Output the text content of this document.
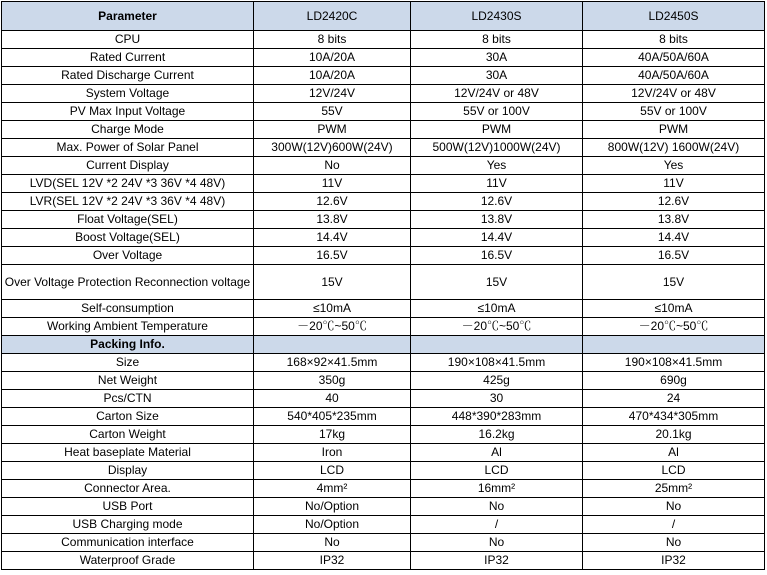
Parameter	LD2420C	LD2430S	LD2450S
CPU	8 bits	8 bits	8 bits
Rated Current	10A/20A	30A	40A/50A/60A
Rated Discharge Current	10A/20A	30A	40A/50A/60A
System Voltage	12V/24V	12V/24V or 48V	12V/24V or 48V
PV Max Input Voltage	55V	55V or 100V	55V or 100V
Charge Mode	PWM	PWM	PWM
Max. Power of Solar Panel	300W(12V)600W(24V)	500W(12V)1000W(24V)	800W(12V) 1600W(24V)
Current Display	No	Yes	Yes
LVD(SEL 12V *2 24V *3 36V *4 48V)	11V	11V	11V
LVR(SEL 12V *2 24V *3 36V *4 48V)	12.6V	12.6V	12.6V
Float Voltage(SEL)	13.8V	13.8V	13.8V
Boost Voltage(SEL)	14.4V	14.4V	14.4V
Over Voltage	16.5V	16.5V	16.5V
Over Voltage Protection Reconnection voltage	15V	15V	15V
Self-consumption	≤10mA	≤10mA	≤10mA
Working Ambient Temperature	－20℃~50℃	－20℃~50℃	－20℃~50℃
Packing Info.			
Size	168×92×41.5mm	190×108×41.5mm	190×108×41.5mm
Net Weight	350g	425g	690g
Pcs/CTN	40	30	24
Carton Size	540*405*235mm	448*390*283mm	470*434*305mm
Carton Weight	17kg	16.2kg	20.1kg
Heat baseplate Material	Iron	Al	Al
Display	LCD	LCD	LCD
Connector Area.	4mm²	16mm²	25mm²
USB Port	No/Option	No	No
USB Charging mode	No/Option	/	/
Communication interface	No	No	No
Waterproof Grade	IP32	IP32	IP32
